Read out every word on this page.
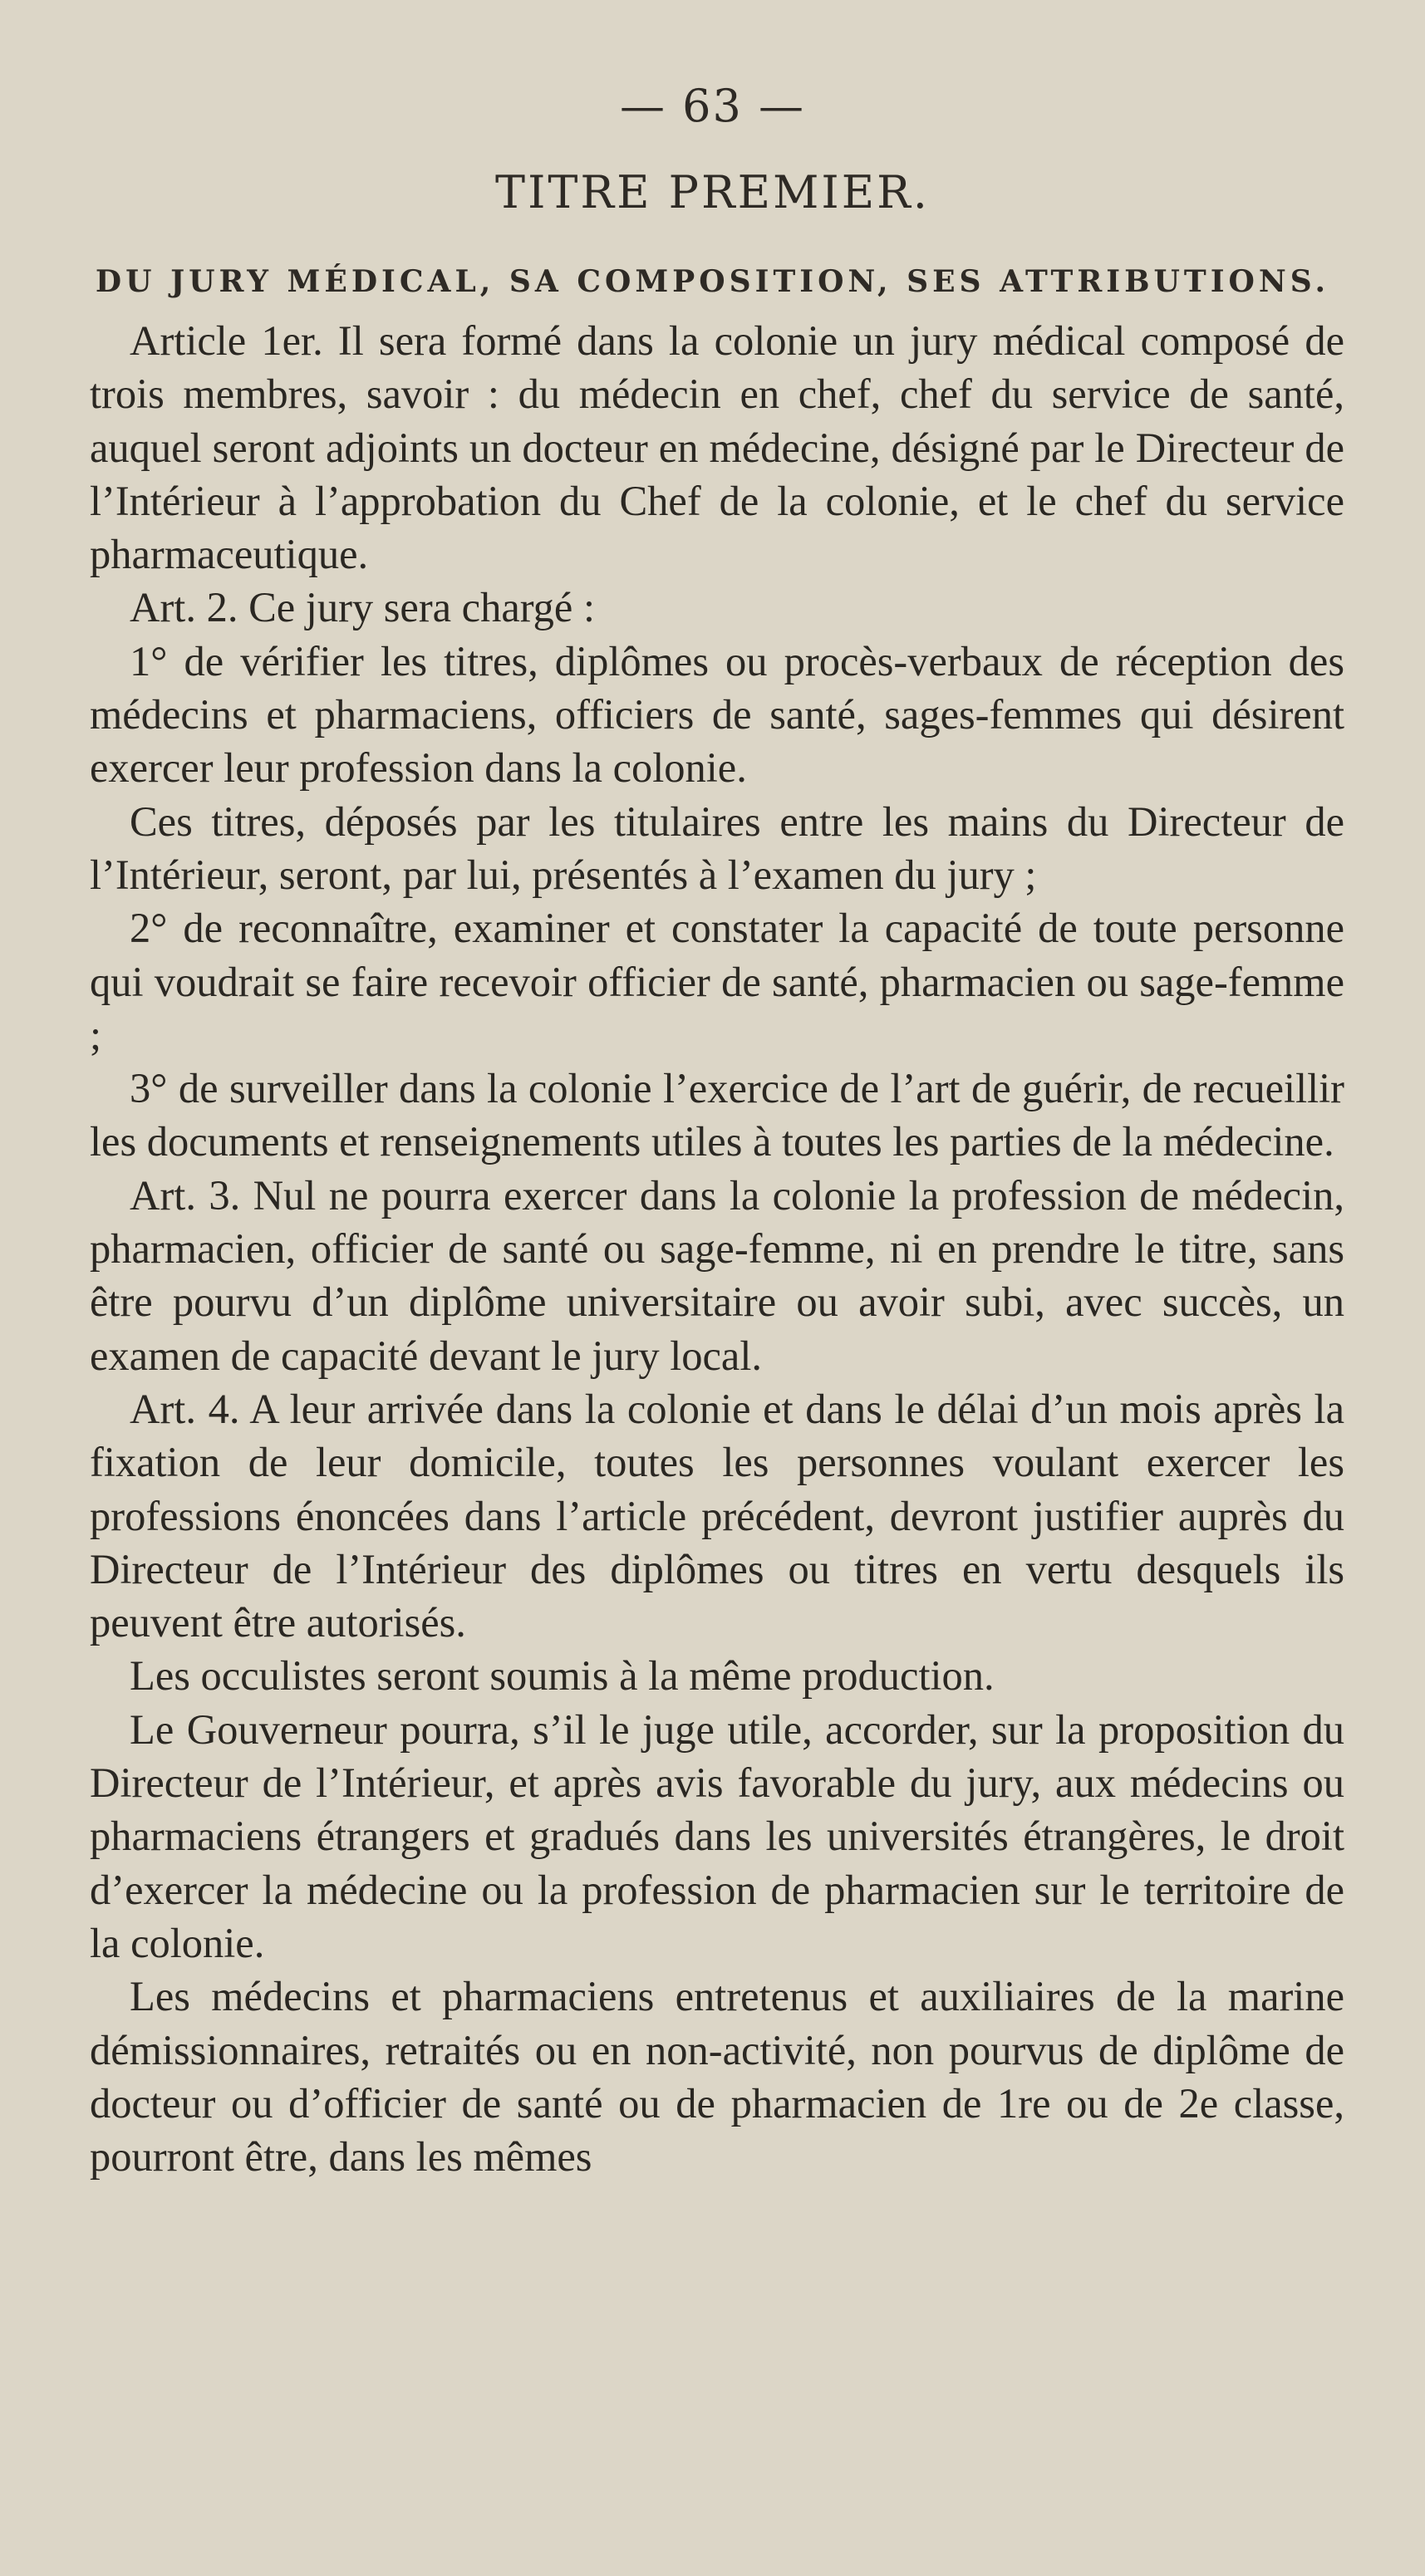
— 63 —
TITRE PREMIER.
DU JURY MÉDICAL, SA COMPOSITION, SES ATTRIBUTIONS.

Article 1er. Il sera formé dans la colonie un jury médical composé de trois membres, savoir : du médecin en chef, chef du service de santé, auquel seront adjoints un docteur en médecine, désigné par le Directeur de l’Intérieur à l’approbation du Chef de la colonie, et le chef du service pharmaceutique.

Art. 2. Ce jury sera chargé :

1° de vérifier les titres, diplômes ou procès-verbaux de réception des médecins et pharmaciens, officiers de santé, sages-femmes qui désirent exercer leur profession dans la colonie.

Ces titres, déposés par les titulaires entre les mains du Directeur de l’Intérieur, seront, par lui, présentés à l’examen du jury ;

2° de reconnaître, examiner et constater la capacité de toute personne qui voudrait se faire recevoir officier de santé, pharmacien ou sage-femme ;

3° de surveiller dans la colonie l’exercice de l’art de guérir, de recueillir les documents et renseignements utiles à toutes les parties de la médecine.

Art. 3. Nul ne pourra exercer dans la colonie la profession de médecin, pharmacien, officier de santé ou sage-femme, ni en prendre le titre, sans être pourvu d’un diplôme universitaire ou avoir subi, avec succès, un examen de capacité devant le jury local.

Art. 4. A leur arrivée dans la colonie et dans le délai d’un mois après la fixation de leur domicile, toutes les personnes voulant exercer les professions énoncées dans l’article précédent, devront justifier auprès du Directeur de l’Intérieur des diplômes ou titres en vertu desquels ils peuvent être autorisés.

Les occulistes seront soumis à la même production.

Le Gouverneur pourra, s’il le juge utile, accorder, sur la proposition du Directeur de l’Intérieur, et après avis favorable du jury, aux médecins ou pharmaciens étrangers et gradués dans les universités étrangères, le droit d’exercer la médecine ou la profession de pharmacien sur le territoire de la colonie.

Les médecins et pharmaciens entretenus et auxiliaires de la marine démissionnaires, retraités ou en non-activité, non pourvus de diplôme de docteur ou d’officier de santé ou de pharmacien de 1re ou de 2e classe, pourront être, dans les mêmes
